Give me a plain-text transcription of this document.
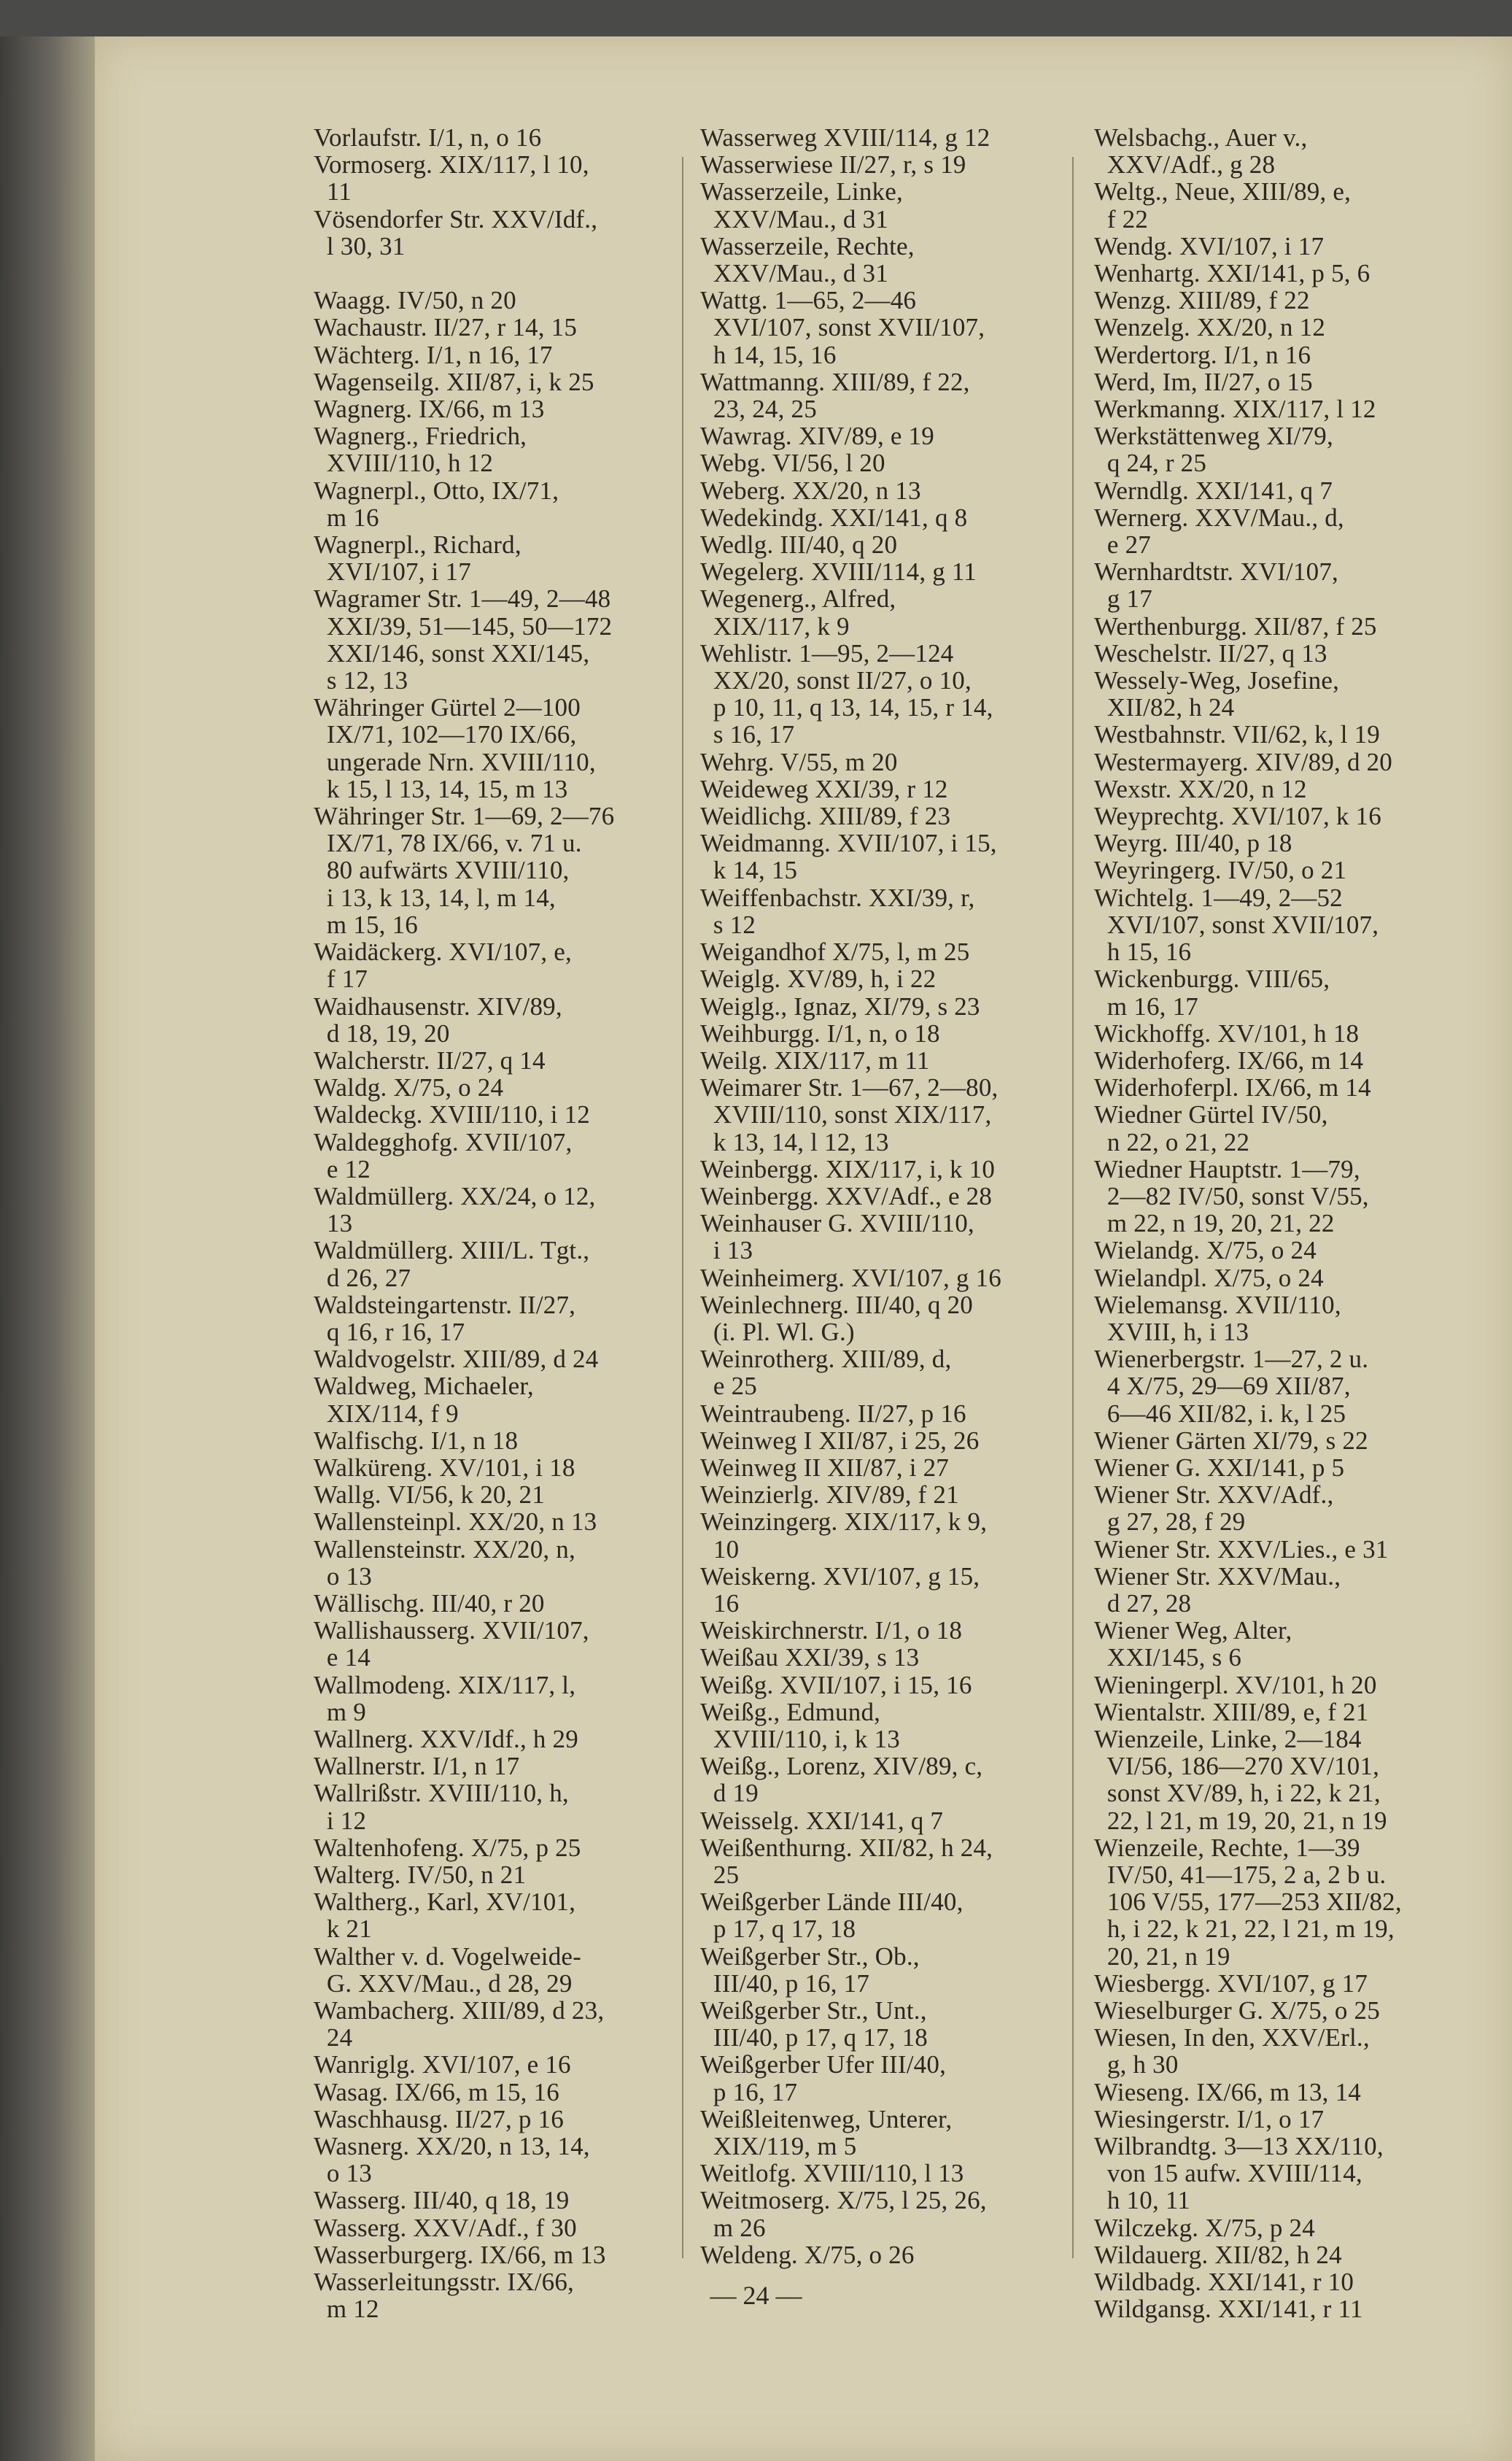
Vorlaufstr. I/1, n, o 16
Vormoserg. XIX/117, l 10,
11
Vösendorfer Str. XXV/Idf.,
l 30, 31

Waagg. IV/50, n 20
Wachaustr. II/27, r 14, 15
Wächterg. I/1, n 16, 17
Wagenseilg. XII/87, i, k 25
Wagnerg. IX/66, m 13
Wagnerg., Friedrich,
XVIII/110, h 12
Wagnerpl., Otto, IX/71,
m 16
Wagnerpl., Richard,
XVI/107, i 17
Wagramer Str. 1—49, 2—48
XXI/39, 51—145, 50—172
XXI/146, sonst XXI/145,
s 12, 13
Währinger Gürtel 2—100
IX/71, 102—170 IX/66,
ungerade Nrn. XVIII/110,
k 15, l 13, 14, 15, m 13
Währinger Str. 1—69, 2—76
IX/71, 78 IX/66, v. 71 u.
80 aufwärts XVIII/110,
i 13, k 13, 14, l, m 14,
m 15, 16
Waidäckerg. XVI/107, e,
f 17
Waidhausenstr. XIV/89,
d 18, 19, 20
Walcherstr. II/27, q 14
Waldg. X/75, o 24
Waldeckg. XVIII/110, i 12
Waldegghofg. XVII/107,
e 12
Waldmüllerg. XX/24, o 12,
13
Waldmüllerg. XIII/L. Tgt.,
d 26, 27
Waldsteingartenstr. II/27,
q 16, r 16, 17
Waldvogelstr. XIII/89, d 24
Waldweg, Michaeler,
XIX/114, f 9
Walfischg. I/1, n 18
Walküreng. XV/101, i 18
Wallg. VI/56, k 20, 21
Wallensteinpl. XX/20, n 13
Wallensteinstr. XX/20, n,
o 13
Wällischg. III/40, r 20
Wallishausserg. XVII/107,
e 14
Wallmodeng. XIX/117, l,
m 9
Wallnerg. XXV/Idf., h 29
Wallnerstr. I/1, n 17
Wallrißstr. XVIII/110, h,
i 12
Waltenhofeng. X/75, p 25
Walterg. IV/50, n 21
Waltherg., Karl, XV/101,
k 21
Walther v. d. Vogelweide-
G. XXV/Mau., d 28, 29
Wambacherg. XIII/89, d 23,
24
Wanriglg. XVI/107, e 16
Wasag. IX/66, m 15, 16
Waschhausg. II/27, p 16
Wasnerg. XX/20, n 13, 14,
o 13
Wasserg. III/40, q 18, 19
Wasserg. XXV/Adf., f 30
Wasserburgerg. IX/66, m 13
Wasserleitungsstr. IX/66,
m 12
Wasserweg XVIII/114, g 12
Wasserwiese II/27, r, s 19
Wasserzeile, Linke,
XXV/Mau., d 31
Wasserzeile, Rechte,
XXV/Mau., d 31
Wattg. 1—65, 2—46
XVI/107, sonst XVII/107,
h 14, 15, 16
Wattmanng. XIII/89, f 22,
23, 24, 25
Wawrag. XIV/89, e 19
Webg. VI/56, l 20
Weberg. XX/20, n 13
Wedekindg. XXI/141, q 8
Wedlg. III/40, q 20
Wegelerg. XVIII/114, g 11
Wegenerg., Alfred,
XIX/117, k 9
Wehlistr. 1—95, 2—124
XX/20, sonst II/27, o 10,
p 10, 11, q 13, 14, 15, r 14,
s 16, 17
Wehrg. V/55, m 20
Weideweg XXI/39, r 12
Weidlichg. XIII/89, f 23
Weidmanng. XVII/107, i 15,
k 14, 15
Weiffenbachstr. XXI/39, r,
s 12
Weigandhof X/75, l, m 25
Weiglg. XV/89, h, i 22
Weiglg., Ignaz, XI/79, s 23
Weihburgg. I/1, n, o 18
Weilg. XIX/117, m 11
Weimarer Str. 1—67, 2—80,
XVIII/110, sonst XIX/117,
k 13, 14, l 12, 13
Weinbergg. XIX/117, i, k 10
Weinbergg. XXV/Adf., e 28
Weinhauser G. XVIII/110,
i 13
Weinheimerg. XVI/107, g 16
Weinlechnerg. III/40, q 20
(i. Pl. Wl. G.)
Weinrotherg. XIII/89, d,
e 25
Weintraubeng. II/27, p 16
Weinweg I XII/87, i 25, 26
Weinweg II XII/87, i 27
Weinzierlg. XIV/89, f 21
Weinzingerg. XIX/117, k 9,
10
Weiskerng. XVI/107, g 15,
16
Weiskirchnerstr. I/1, o 18
Weißau XXI/39, s 13
Weißg. XVII/107, i 15, 16
Weißg., Edmund,
XVIII/110, i, k 13
Weißg., Lorenz, XIV/89, c,
d 19
Weisselg. XXI/141, q 7
Weißenthurng. XII/82, h 24,
25
Weißgerber Lände III/40,
p 17, q 17, 18
Weißgerber Str., Ob.,
III/40, p 16, 17
Weißgerber Str., Unt.,
III/40, p 17, q 17, 18
Weißgerber Ufer III/40,
p 16, 17
Weißleitenweg, Unterer,
XIX/119, m 5
Weitlofg. XVIII/110, l 13
Weitmoserg. X/75, l 25, 26,
m 26
Weldeng. X/75, o 26
Welsbachg., Auer v.,
XXV/Adf., g 28
Weltg., Neue, XIII/89, e,
f 22
Wendg. XVI/107, i 17
Wenhartg. XXI/141, p 5, 6
Wenzg. XIII/89, f 22
Wenzelg. XX/20, n 12
Werdertorg. I/1, n 16
Werd, Im, II/27, o 15
Werkmanng. XIX/117, l 12
Werkstättenweg XI/79,
q 24, r 25
Werndlg. XXI/141, q 7
Wernerg. XXV/Mau., d,
e 27
Wernhardtstr. XVI/107,
g 17
Werthenburgg. XII/87, f 25
Weschelstr. II/27, q 13
Wessely-Weg, Josefine,
XII/82, h 24
Westbahnstr. VII/62, k, l 19
Westermayerg. XIV/89, d 20
Wexstr. XX/20, n 12
Weyprechtg. XVI/107, k 16
Weyrg. III/40, p 18
Weyringerg. IV/50, o 21
Wichtelg. 1—49, 2—52
XVI/107, sonst XVII/107,
h 15, 16
Wickenburgg. VIII/65,
m 16, 17
Wickhoffg. XV/101, h 18
Widerhoferg. IX/66, m 14
Widerhoferpl. IX/66, m 14
Wiedner Gürtel IV/50,
n 22, o 21, 22
Wiedner Hauptstr. 1—79,
2—82 IV/50, sonst V/55,
m 22, n 19, 20, 21, 22
Wielandg. X/75, o 24
Wielandpl. X/75, o 24
Wielemansg. XVII/110,
XVIII, h, i 13
Wienerbergstr. 1—27, 2 u.
4 X/75, 29—69 XII/87,
6—46 XII/82, i. k, l 25
Wiener Gärten XI/79, s 22
Wiener G. XXI/141, p 5
Wiener Str. XXV/Adf.,
g 27, 28, f 29
Wiener Str. XXV/Lies., e 31
Wiener Str. XXV/Mau.,
d 27, 28
Wiener Weg, Alter,
XXI/145, s 6
Wieningerpl. XV/101, h 20
Wientalstr. XIII/89, e, f 21
Wienzeile, Linke, 2—184
VI/56, 186—270 XV/101,
sonst XV/89, h, i 22, k 21,
22, l 21, m 19, 20, 21, n 19
Wienzeile, Rechte, 1—39
IV/50, 41—175, 2 a, 2 b u.
106 V/55, 177—253 XII/82,
h, i 22, k 21, 22, l 21, m 19,
20, 21, n 19
Wiesbergg. XVI/107, g 17
Wieselburger G. X/75, o 25
Wiesen, In den, XXV/Erl.,
g, h 30
Wieseng. IX/66, m 13, 14
Wiesingerstr. I/1, o 17
Wilbrandtg. 3—13 XX/110,
von 15 aufw. XVIII/114,
h 10, 11
Wilczekg. X/75, p 24
Wildauerg. XII/82, h 24
Wildbadg. XXI/141, r 10
Wildgansg. XXI/141, r 11
— 24 —
